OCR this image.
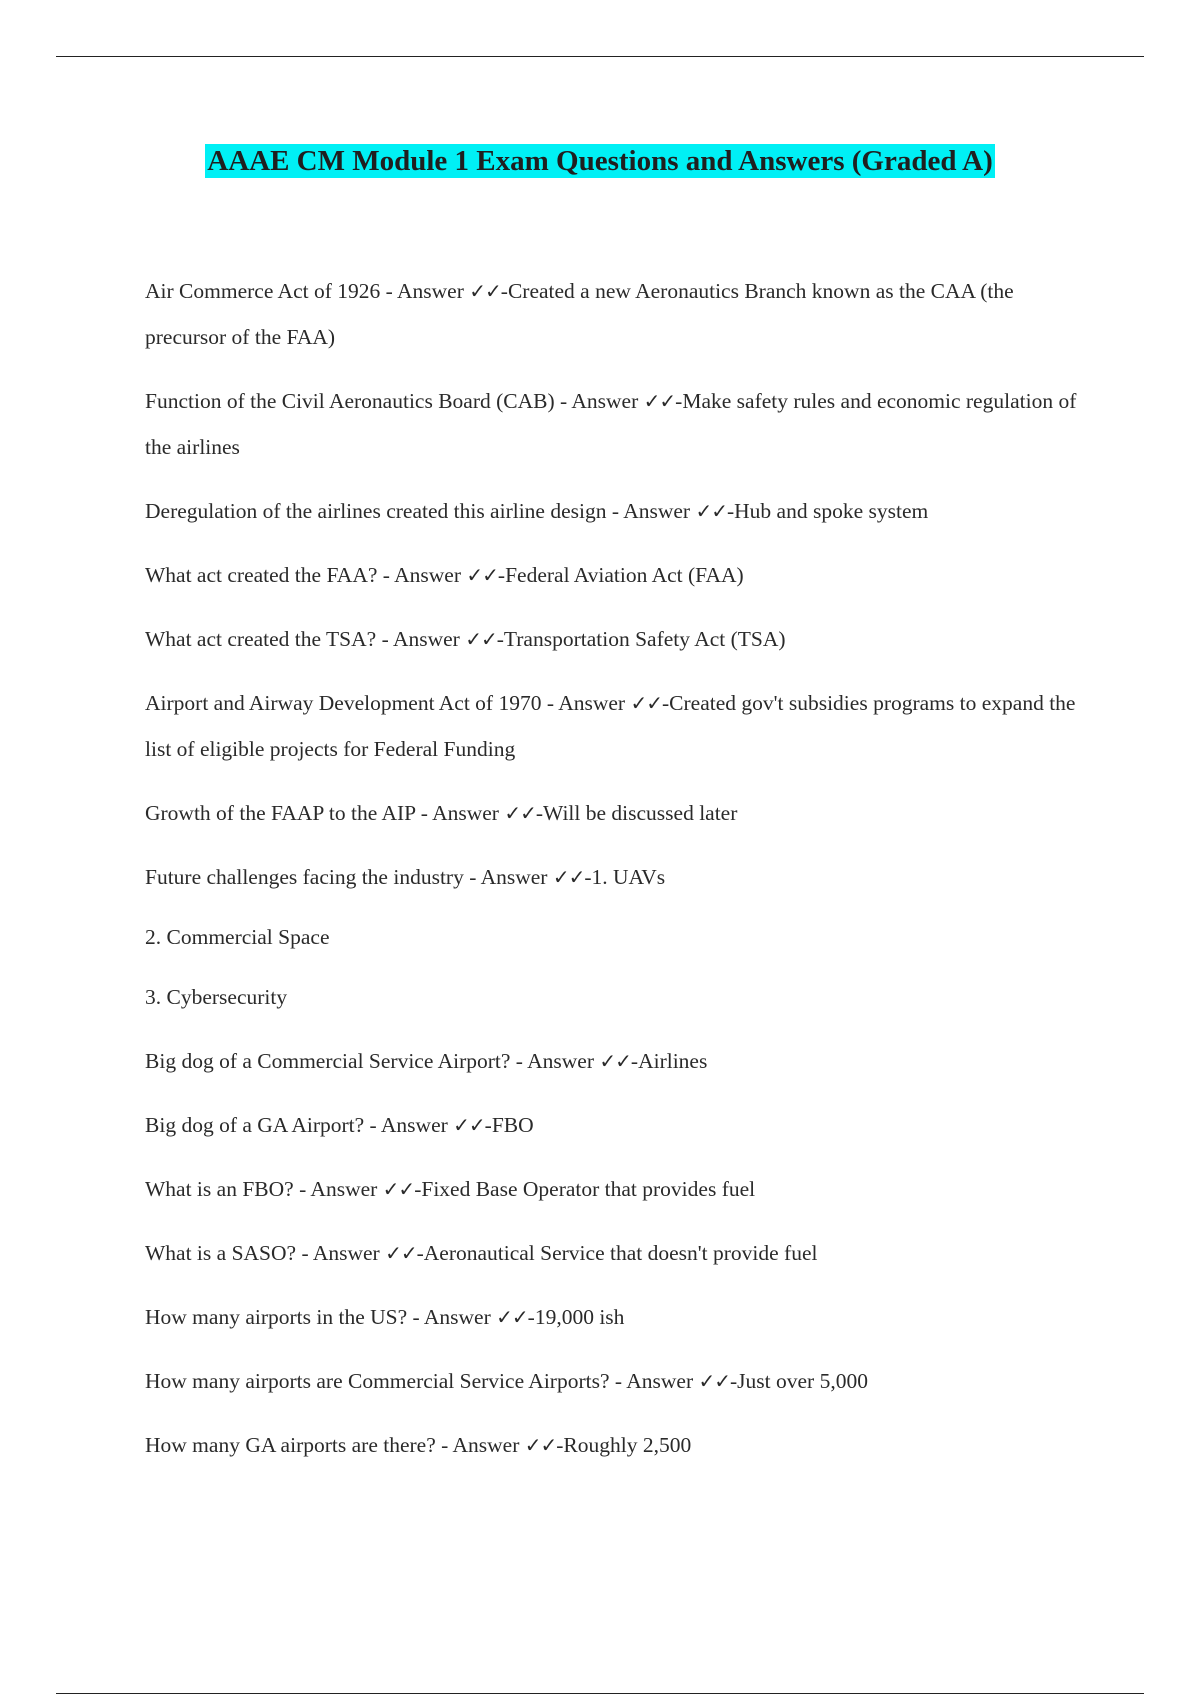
AAAE CM Module 1 Exam Questions and Answers (Graded A)
Air Commerce Act of 1926 - Answer ✓✓-Created a new Aeronautics Branch known as the CAA (the precursor of the FAA)
Function of the Civil Aeronautics Board (CAB) - Answer ✓✓-Make safety rules and economic regulation of the airlines
Deregulation of the airlines created this airline design - Answer ✓✓-Hub and spoke system
What act created the FAA? - Answer ✓✓-Federal Aviation Act (FAA)
What act created the TSA? - Answer ✓✓-Transportation Safety Act (TSA)
Airport and Airway Development Act of 1970 - Answer ✓✓-Created gov't subsidies programs to expand the list of eligible projects for Federal Funding
Growth of the FAAP to the AIP - Answer ✓✓-Will be discussed later
Future challenges facing the industry - Answer ✓✓-1. UAVs
2. Commercial Space
3. Cybersecurity
Big dog of a Commercial Service Airport? - Answer ✓✓-Airlines
Big dog of a GA Airport? - Answer ✓✓-FBO
What is an FBO? - Answer ✓✓-Fixed Base Operator that provides fuel
What is a SASO? - Answer ✓✓-Aeronautical Service that doesn't provide fuel
How many airports in the US? - Answer ✓✓-19,000 ish
How many airports are Commercial Service Airports? - Answer ✓✓-Just over 5,000
How many GA airports are there? - Answer ✓✓-Roughly 2,500
